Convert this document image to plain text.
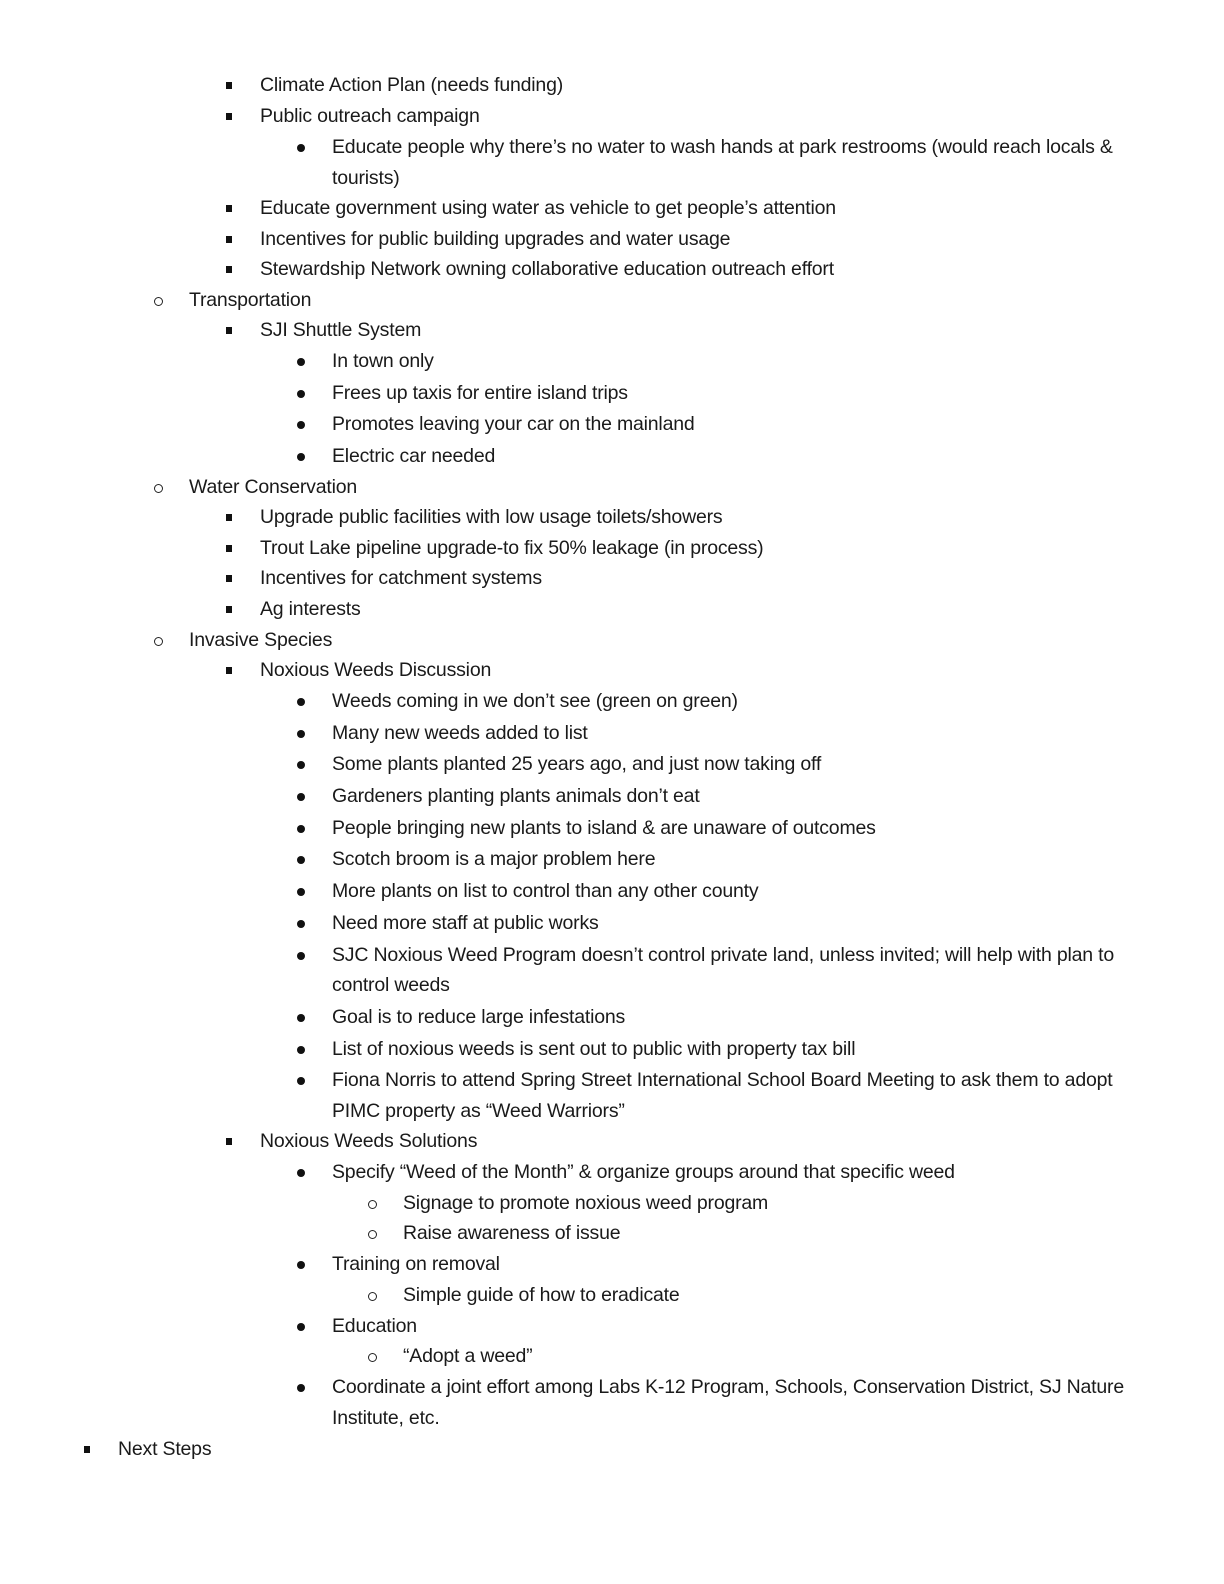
Climate Action Plan (needs funding)
Public outreach campaign
Educate people why there’s no water to wash hands at park restrooms (would reach locals &
tourists)
Educate government using water as vehicle to get people’s attention
Incentives for public building upgrades and water usage
Stewardship Network owning collaborative education outreach effort
Transportation
SJI Shuttle System
In town only
Frees up taxis for entire island trips
Promotes leaving your car on the mainland
Electric car needed
Water Conservation
Upgrade public facilities with low usage toilets/showers
Trout Lake pipeline upgrade-to fix 50% leakage (in process)
Incentives for catchment systems
Ag interests
Invasive Species
Noxious Weeds Discussion
Weeds coming in we don’t see (green on green)
Many new weeds added to list
Some plants planted 25 years ago, and just now taking off
Gardeners planting plants animals don’t eat
People bringing new plants to island & are unaware of outcomes
Scotch broom is a major problem here
More plants on list to control than any other county
Need more staff at public works
SJC Noxious Weed Program doesn’t control private land, unless invited; will help with plan to
control weeds
Goal is to reduce large infestations
List of noxious weeds is sent out to public with property tax bill
Fiona Norris to attend Spring Street International School Board Meeting to ask them to adopt
PIMC property as “Weed Warriors”
Noxious Weeds Solutions
Specify “Weed of the Month” & organize groups around that specific weed
Signage to promote noxious weed program
Raise awareness of issue
Training on removal
Simple guide of how to eradicate
Education
“Adopt a weed”
Coordinate a joint effort among Labs K-12 Program, Schools, Conservation District, SJ Nature
Institute, etc.
Next Steps
